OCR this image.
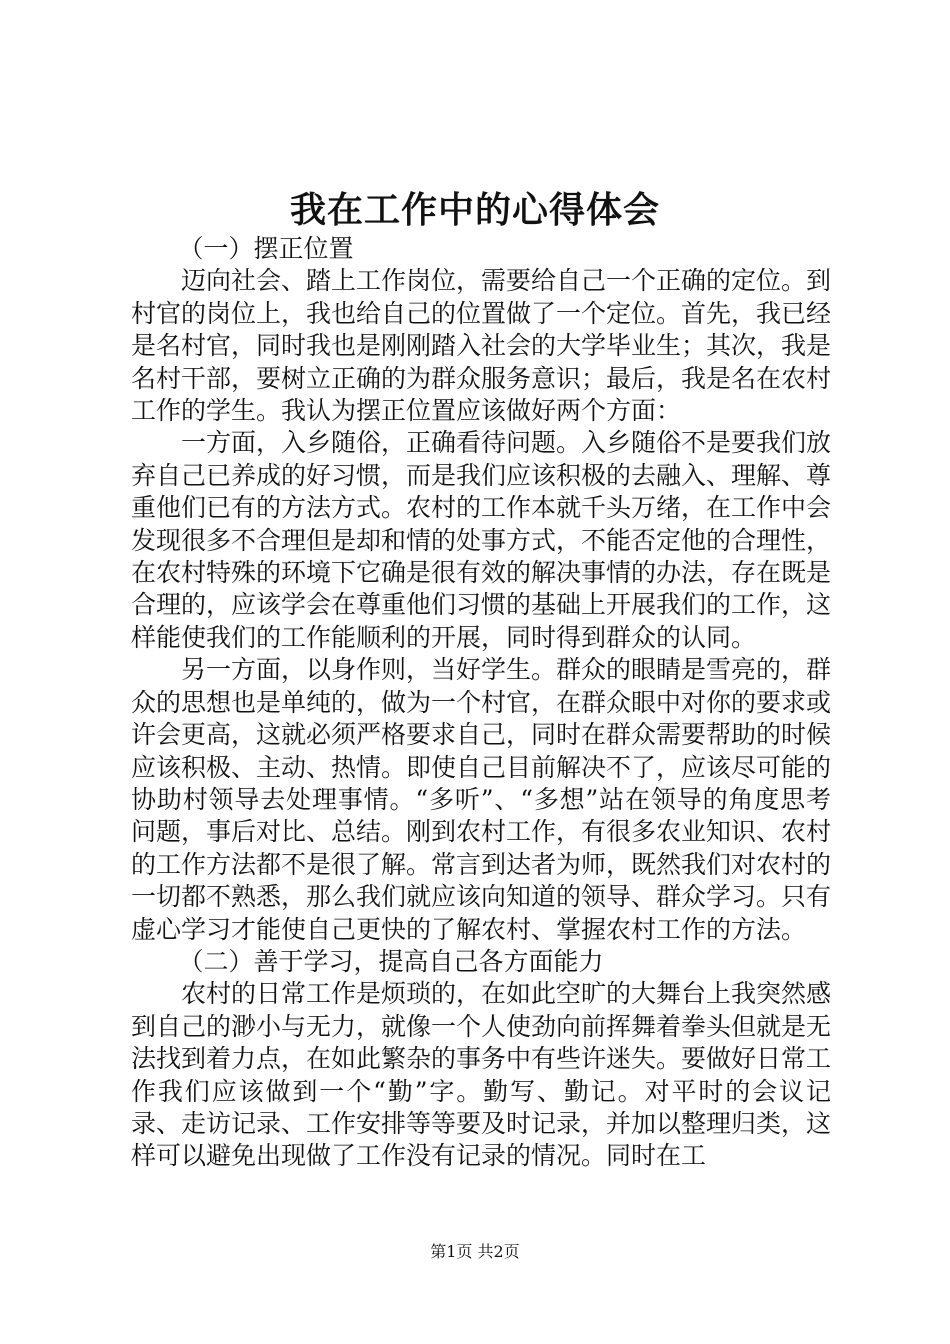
我在工作中的心得体会

（一）摆正位置

迈向社会、踏上工作岗位，需要给自己一个正确的定位。到村官的岗位上，我也给自己的位置做了一个定位。首先，我已经是名村官，同时我也是刚刚踏入社会的大学毕业生；其次，我是名村干部，要树立正确的为群众服务意识；最后，我是名在农村工作的学生。我认为摆正位置应该做好两个方面：

一方面，入乡随俗，正确看待问题。入乡随俗不是要我们放弃自己已养成的好习惯，而是我们应该积极的去融入、理解、尊重他们已有的方法方式。农村的工作本就千头万绪，在工作中会发现很多不合理但是却和情的处事方式，不能否定他的合理性，在农村特殊的环境下它确是很有效的解决事情的办法，存在既是合理的，应该学会在尊重他们习惯的基础上开展我们的工作，这样能使我们的工作能顺利的开展，同时得到群众的认同。

另一方面，以身作则，当好学生。群众的眼睛是雪亮的，群众的思想也是单纯的，做为一个村官，在群众眼中对你的要求或许会更高，这就必须严格要求自己，同时在群众需要帮助的时候应该积极、主动、热情。即使自己目前解决不了，应该尽可能的协助村领导去处理事情。“多听”、“多想”站在领导的角度思考问题，事后对比、总结。刚到农村工作，有很多农业知识、农村的工作方法都不是很了解。常言到达者为师，既然我们对农村的一切都不熟悉，那么我们就应该向知道的领导、群众学习。只有虚心学习才能使自己更快的了解农村、掌握农村工作的方法。

（二）善于学习，提高自己各方面能力

农村的日常工作是烦琐的，在如此空旷的大舞台上我突然感到自己的渺小与无力，就像一个人使劲向前挥舞着拳头但就是无法找到着力点，在如此繁杂的事务中有些许迷失。要做好日常工作我们应该做到一个“勤”字。勤写、勤记。对平时的会议记录、走访记录、工作安排等等要及时记录，并加以整理归类，这样可以避免出现做了工作没有记录的情况。同时在工

第1页 共2页
